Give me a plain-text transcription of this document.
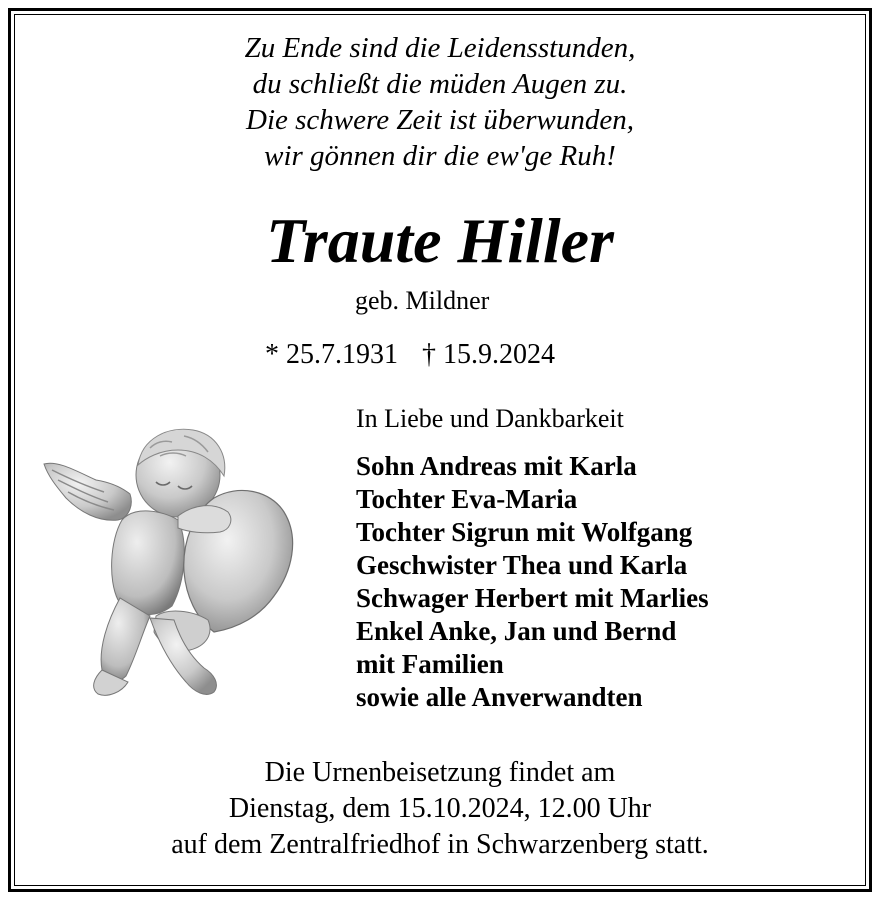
Zu Ende sind die Leidensstunden,
du schließt die müden Augen zu.
Die schwere Zeit ist überwunden,
wir gönnen dir die ew'ge Ruh!
Traute Hiller
geb. Mildner
* 25.7.1931 † 15.9.2024
In Liebe und Dankbarkeit
Sohn Andreas mit Karla
Tochter Eva-Maria
Tochter Sigrun mit Wolfgang
Geschwister Thea und Karla
Schwager Herbert mit Marlies
Enkel Anke, Jan und Bernd
mit Familien
sowie alle Anverwandten
Die Urnenbeisetzung findet am
Dienstag, dem 15.10.2024, 12.00 Uhr
auf dem Zentralfriedhof in Schwarzenberg statt.
